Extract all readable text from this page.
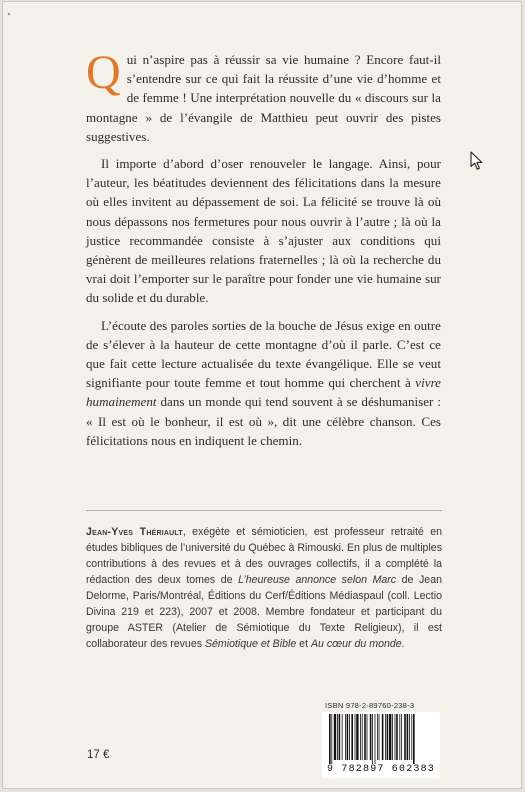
Qui n’aspire pas à réussir sa vie humaine ? Encore faut-il s’entendre sur ce qui fait la réussite d’une vie d’homme et de femme ! Une interprétation nouvelle du « discours sur la montagne » de l’évangile de Matthieu peut ouvrir des pistes suggestives.

Il importe d’abord d’oser renouveler le langage. Ainsi, pour l’auteur, les béatitudes deviennent des félicitations dans la mesure où elles invitent au dépassement de soi. La félicité se trouve là où nous dépassons nos fermetures pour nous ouvrir à l’autre ; là où la justice recommandée consiste à s’ajuster aux conditions qui génèrent de meilleures relations fraternelles ; là où la recherche du vrai doit l’emporter sur le paraître pour fonder une vie humaine sur du solide et du durable.

L’écoute des paroles sorties de la bouche de Jésus exige en outre de s’élever à la hauteur de cette montagne d’où il parle. C’est ce que fait cette lecture actualisée du texte évangélique. Elle se veut signifiante pour toute femme et tout homme qui cherchent à vivre humainement dans un monde qui tend souvent à se déshumaniser : « Il est où le bonheur, il est où », dit une célèbre chanson. Ces félicitations nous en indiquent le chemin.

Jean-Yves Thériault, exégète et sémioticien, est professeur retraité en études bibliques de l’université du Québec à Rimouski. En plus de multiples contributions à des revues et à des ouvrages collectifs, il a complété la rédaction des deux tomes de L’heureuse annonce selon Marc de Jean Delorme, Paris/Montréal, Éditions du Cerf/Éditions Médiaspaul (coll. Lectio Divina 219 et 223), 2007 et 2008. Membre fondateur et participant du groupe ASTER (Atelier de Sémiotique du Texte Religieux), il est collaborateur des revues Sémiotique et Bible et Au cœur du monde.
ISBN 978-2-89760-238-3
9 782897 602383
17 €
